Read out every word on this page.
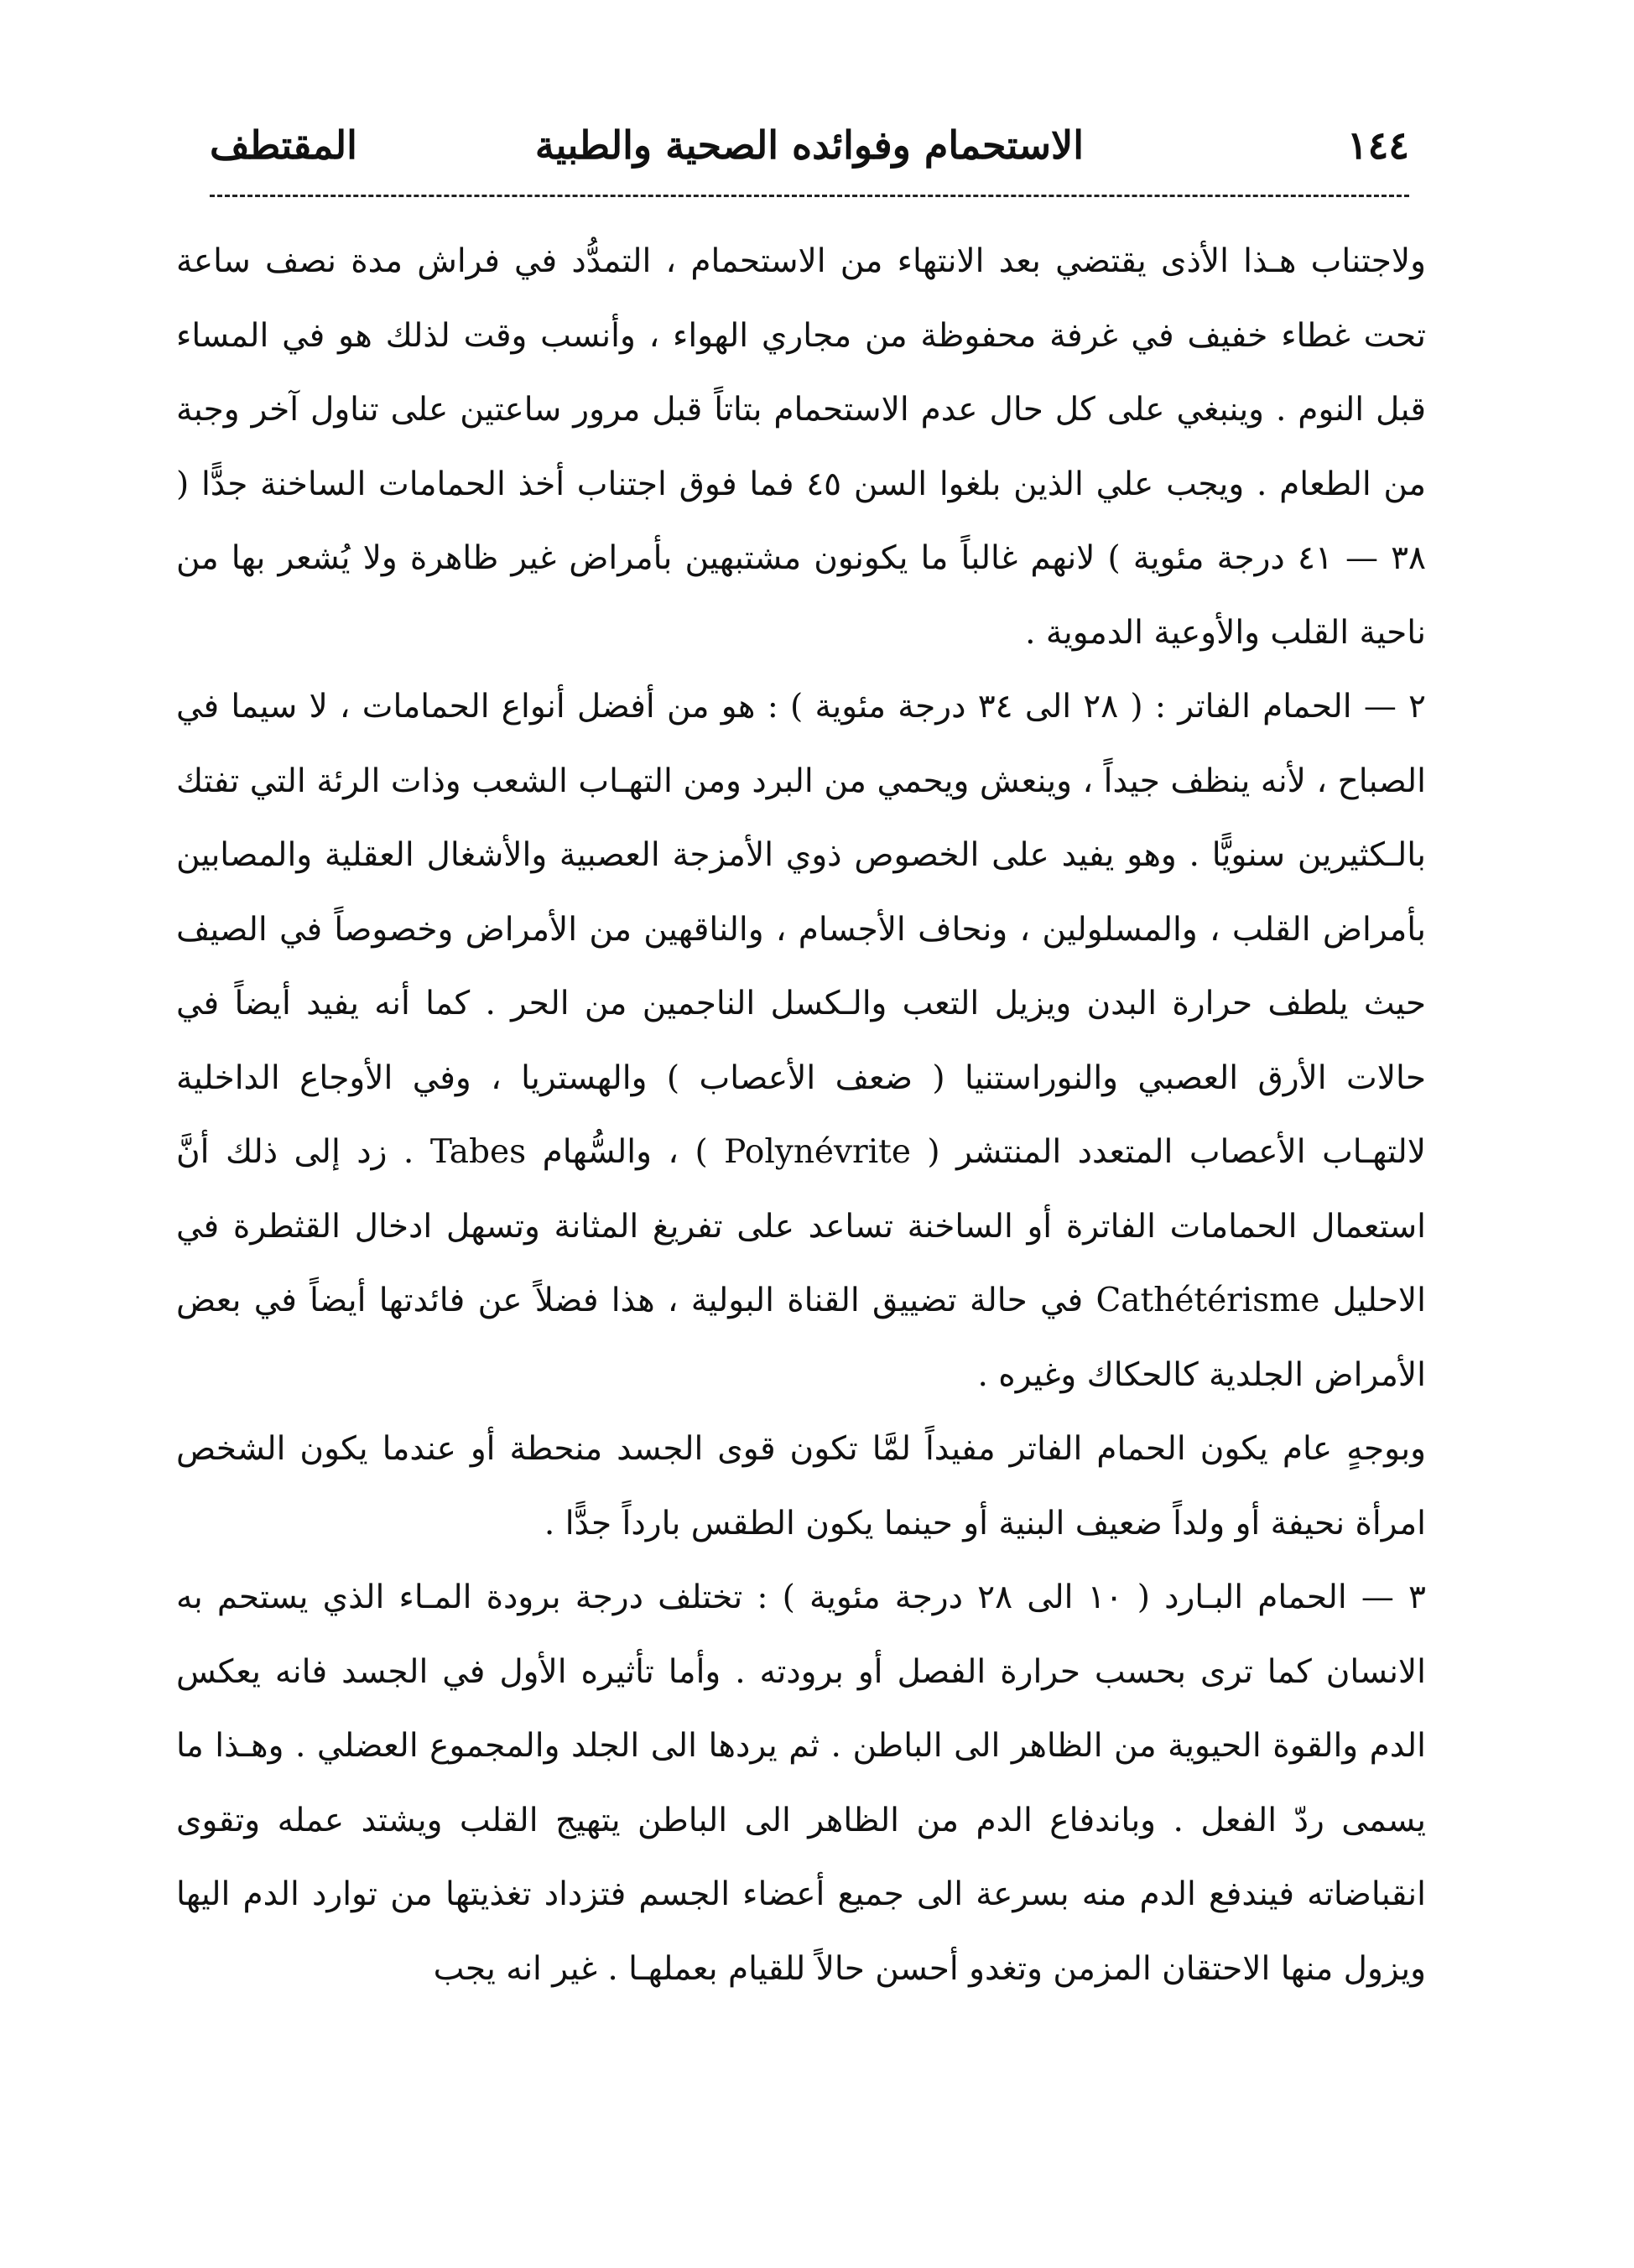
١٤٤
الاستحمام وفوائده الصحية والطبية
المقتطف

ولاجتناب هـذا الأذى يقتضي بعد الانتهاء من الاستحمام ، التمدُّد في فراش مدة نصف ساعة تحت غطاء خفيف في غرفة محفوظة من مجاري الهواء ، وأنسب وقت لذلك هو في المساء قبل النوم . وينبغي على كل حال عدم الاستحمام بتاتاً قبل مرور ساعتين على تناول آخر وجبة من الطعام . ويجب علي الذين بلغوا السن ٤٥ فما فوق اجتناب أخذ الحمامات الساخنة جدًّا ( ٣٨ — ٤١ درجة مئوية ) لانهم غالباً ما يكونون مشتبهين بأمراض غير ظاهرة ولا يُشعر بها من ناحية القلب والأوعية الدموية .

٢ — الحمام الفاتر : ( ٢٨ الى ٣٤ درجة مئوية ) : هو من أفضل أنواع الحمامات ، لا سيما في الصباح ، لأنه ينظف جيداً ، وينعش ويحمي من البرد ومن التهـاب الشعب وذات الرئة التي تفتك بالـكثيرين سنويًّا . وهو يفيد على الخصوص ذوي الأمزجة العصبية والأشغال العقلية والمصابين بأمراض القلب ، والمسلولين ، ونحاف الأجسام ، والناقهين من الأمراض وخصوصاً في الصيف حيث يلطف حرارة البدن ويزيل التعب والـكسل الناجمين من الحر . كما أنه يفيد أيضاً في حالات الأرق العصبي والنوراستنيا ( ضعف الأعصاب ) والهستريا ، وفي الأوجاع الداخلية لالتهـاب الأعصاب المتعدد المنتشر ( Polynévrite ) ، والسُّهام Tabes . زد إلى ذلك أنَّ استعمال الحمامات الفاترة أو الساخنة تساعد على تفريغ المثانة وتسهل ادخال القثطرة في الاحليل Cathétérisme في حالة تضييق القناة البولية ، هذا فضلاً عن فائدتها أيضاً في بعض الأمراض الجلدية كالحكاك وغيره .

وبوجهٍ عام يكون الحمام الفاتر مفيداً لمَّا تكون قوى الجسد منحطة أو عندما يكون الشخص امرأة نحيفة أو ولداً ضعيف البنية أو حينما يكون الطقس بارداً جدًّا .

٣ — الحمام البـارد ( ١٠ الى ٢٨ درجة مئوية ) : تختلف درجة برودة المـاء الذي يستحم به الانسان كما ترى بحسب حرارة الفصل أو برودته . وأما تأثيره الأول في الجسد فانه يعكس الدم والقوة الحيوية من الظاهر الى الباطن . ثم يردها الى الجلد والمجموع العضلي . وهـذا ما يسمى ردّ الفعل . وباندفاع الدم من الظاهر الى الباطن يتهيج القلب ويشتد عمله وتقوى انقباضاته فيندفع الدم منه بسرعة الى جميع أعضاء الجسم فتزداد تغذيتها من توارد الدم اليها ويزول منها الاحتقان المزمن وتغدو أحسن حالاً للقيام بعملهـا . غير انه يجب
